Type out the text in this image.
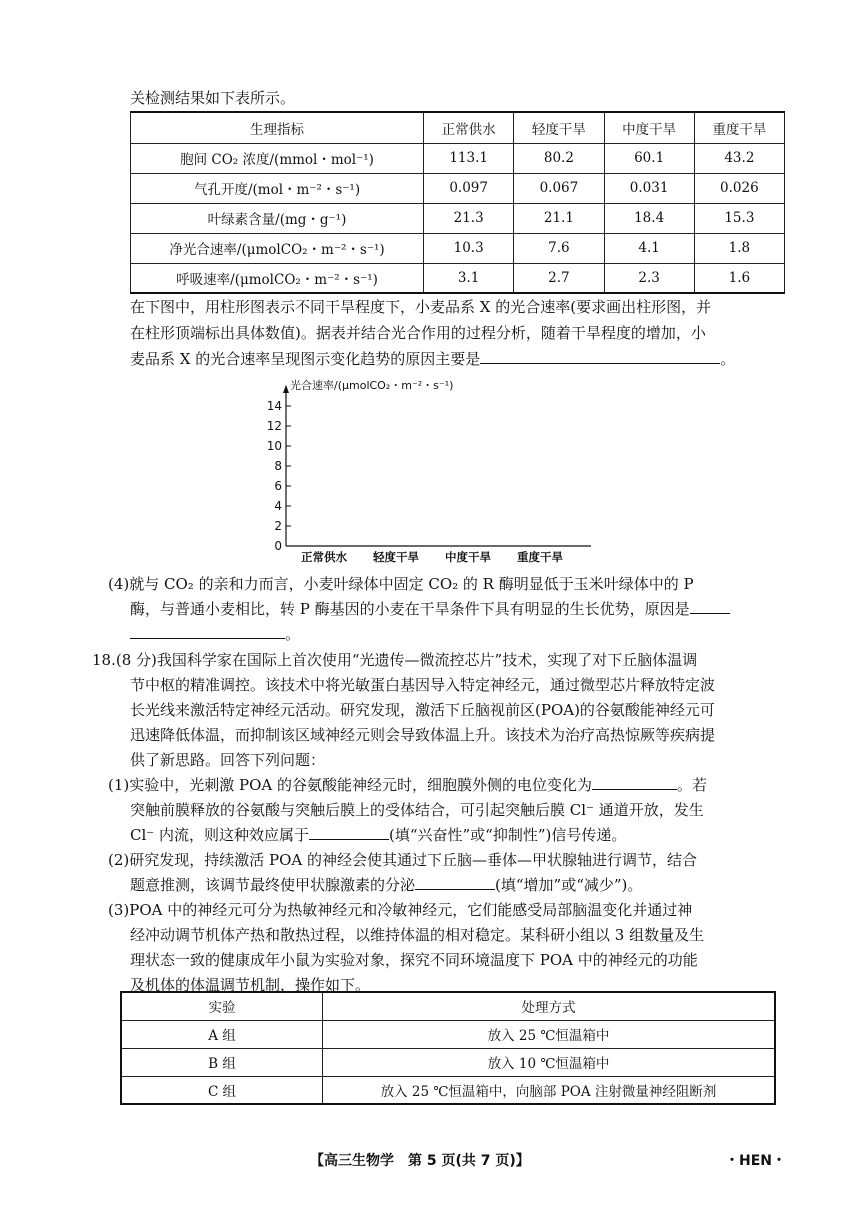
关检测结果如下表所示。
生理指标	正常供水	轻度干旱	中度干旱	重度干旱
胞间 CO₂ 浓度/(mmol・mol⁻¹)	113.1	80.2	60.1	43.2
气孔开度/(mol・m⁻²・s⁻¹)	0.097	0.067	0.031	0.026
叶绿素含量/(mg・g⁻¹)	21.3	21.1	18.4	15.3
净光合速率/(μmolCO₂・m⁻²・s⁻¹)	10.3	7.6	4.1	1.8
呼吸速率/(μmolCO₂・m⁻²・s⁻¹)	3.1	2.7	2.3	1.6
在下图中，用柱形图表示不同干旱程度下，小麦品系 X 的光合速率(要求画出柱形图，并
在柱形顶端标出具体数值)。据表并结合光合作用的过程分析，随着干旱程度的增加，小
麦品系 X 的光合速率呈现图示变化趋势的原因主要是	。
光合速率/(μmolCO₂・m⁻²・s⁻¹)
0
2
4
6
8
10
12
14
正常供水 轻度干旱 中度干旱 重度干旱
(4)就与 CO₂ 的亲和力而言，小麦叶绿体中固定 CO₂ 的 R 酶明显低于玉米叶绿体中的 P
酶，与普通小麦相比，转 P 酶基因的小麦在干旱条件下具有明显的生长优势，原因是
。
18.(8 分)我国科学家在国际上首次使用“光遗传—微流控芯片”技术，实现了对下丘脑体温调
节中枢的精准调控。该技术中将光敏蛋白基因导入特定神经元，通过微型芯片释放特定波
长光线来激活特定神经元活动。研究发现，激活下丘脑视前区(POA)的谷氨酸能神经元可
迅速降低体温，而抑制该区域神经元则会导致体温上升。该技术为治疗高热惊厥等疾病提
供了新思路。回答下列问题：
(1)实验中，光刺激 POA 的谷氨酸能神经元时，细胞膜外侧的电位变化为	。若
突触前膜释放的谷氨酸与突触后膜上的受体结合，可引起突触后膜 Cl⁻ 通道开放，发生
Cl⁻ 内流，则这种效应属于	(填“兴奋性”或“抑制性”)信号传递。
(2)研究发现，持续激活 POA 的神经会使其通过下丘脑—垂体—甲状腺轴进行调节，结合
题意推测，该调节最终使甲状腺激素的分泌	(填“增加”或“减少”)。
(3)POA 中的神经元可分为热敏神经元和冷敏神经元，它们能感受局部脑温变化并通过神
经冲动调节机体产热和散热过程，以维持体温的相对稳定。某科研小组以 3 组数量及生
理状态一致的健康成年小鼠为实验对象，探究不同环境温度下 POA 中的神经元的功能
及机体的体温调节机制，操作如下。
实验	处理方式
A 组	放入 25 ℃恒温箱中
B 组	放入 10 ℃恒温箱中
C 组	放入 25 ℃恒温箱中，向脑部 POA 注射微量神经阻断剂
【高三生物学　第 5 页(共 7 页)】	・HEN・
